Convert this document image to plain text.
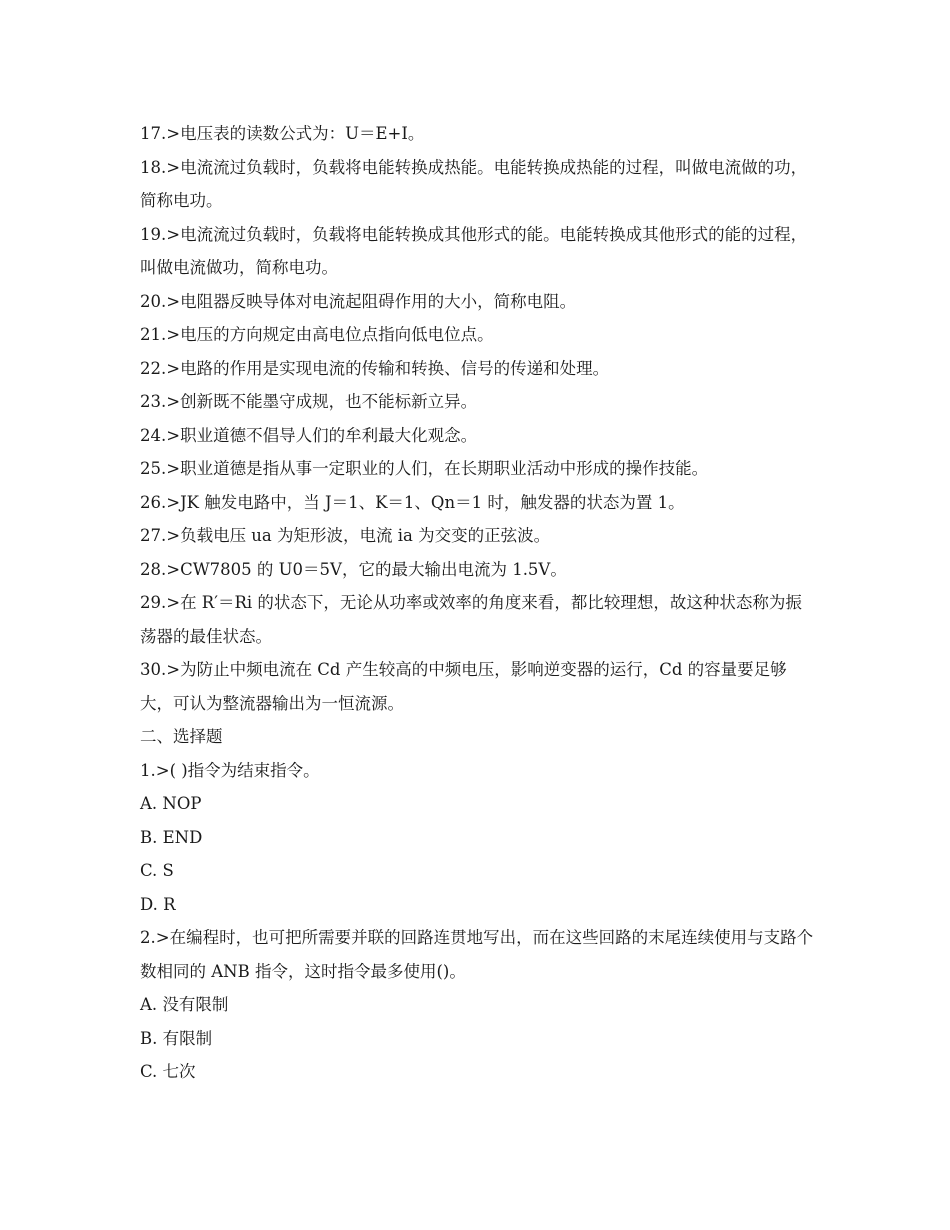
17.>电压表的读数公式为：U＝E+I。

18.>电流流过负载时，负载将电能转换成热能。电能转换成热能的过程，叫做电流做的功，简称电功。

19.>电流流过负载时，负载将电能转换成其他形式的能。电能转换成其他形式的能的过程，叫做电流做功，简称电功。

20.>电阻器反映导体对电流起阻碍作用的大小，简称电阻。

21.>电压的方向规定由高电位点指向低电位点。

22.>电路的作用是实现电流的传输和转换、信号的传递和处理。

23.>创新既不能墨守成规，也不能标新立异。

24.>职业道德不倡导人们的牟利最大化观念。

25.>职业道德是指从事一定职业的人们，在长期职业活动中形成的操作技能。

26.>JK 触发电路中，当 J＝1、K＝1、Qn＝1 时，触发器的状态为置 1。

27.>负载电压 ua 为矩形波，电流 ia 为交变的正弦波。

28.>CW7805 的 U0＝5V，它的最大输出电流为 1.5V。

29.>在 R′＝Ri 的状态下，无论从功率或效率的角度来看，都比较理想，故这种状态称为振荡器的最佳状态。

30.>为防止中频电流在 Cd 产生较高的中频电压，影响逆变器的运行，Cd 的容量要足够大，可认为整流器输出为一恒流源。

二、选择题

1.>( )指令为结束指令。

A. NOP

B. END

C. S

D. R

2.>在编程时，也可把所需要并联的回路连贯地写出，而在这些回路的末尾连续使用与支路个数相同的 ANB 指令，这时指令最多使用()。

A. 没有限制

B. 有限制

C. 七次
